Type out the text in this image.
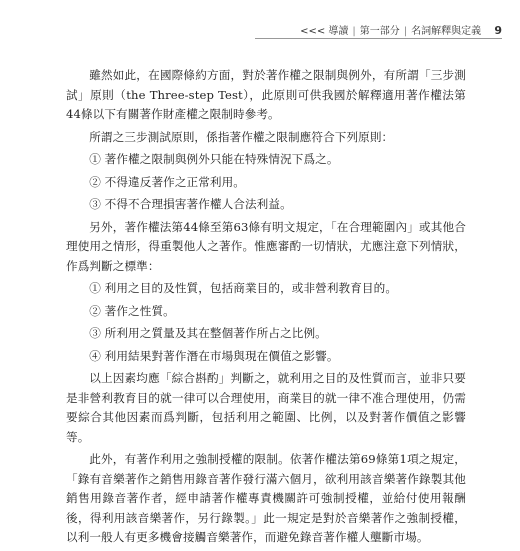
<<< 導讀 | 第一部分 | 名詞解釋與定義 9

雖然如此，在國際條約方面，對於著作權之限制與例外，有所謂「三步測試」原則（the Three-step Test），此原則可供我國於解釋適用著作權法第44條以下有關著作財產權之限制時參考。

所謂之三步測試原則，係指著作權之限制應符合下列原則：

① 著作權之限制與例外只能在特殊情況下爲之。

② 不得違反著作之正常利用。

③ 不得不合理損害著作權人合法利益。

另外，著作權法第44條至第63條有明文規定，「在合理範圍內」或其他合理使用之情形，得重製他人之著作。惟應審酌一切情狀，尤應注意下列情狀，作爲判斷之標準：

① 利用之目的及性質，包括商業目的，或非營利教育目的。

② 著作之性質。

③ 所利用之質量及其在整個著作所占之比例。

④ 利用結果對著作潛在市場與現在價值之影響。

以上因素均應「綜合斟酌」判斷之，就利用之目的及性質而言，並非只要是非營利教育目的就一律可以合理使用，商業目的就一律不准合理使用，仍需要綜合其他因素而爲判斷，包括利用之範圍、比例，以及對著作價值之影響等。

此外，有著作利用之強制授權的限制。依著作權法第69條第1項之規定，「錄有音樂著作之銷售用錄音著作發行滿六個月，欲利用該音樂著作錄製其他銷售用錄音著作者，經申請著作權專責機關許可強制授權，並給付使用報酬後，得利用該音樂著作，另行錄製。」此一規定是對於音樂著作之強制授權，以利一般人有更多機會接觸音樂著作，而避免錄音著作權人壟斷市場。
